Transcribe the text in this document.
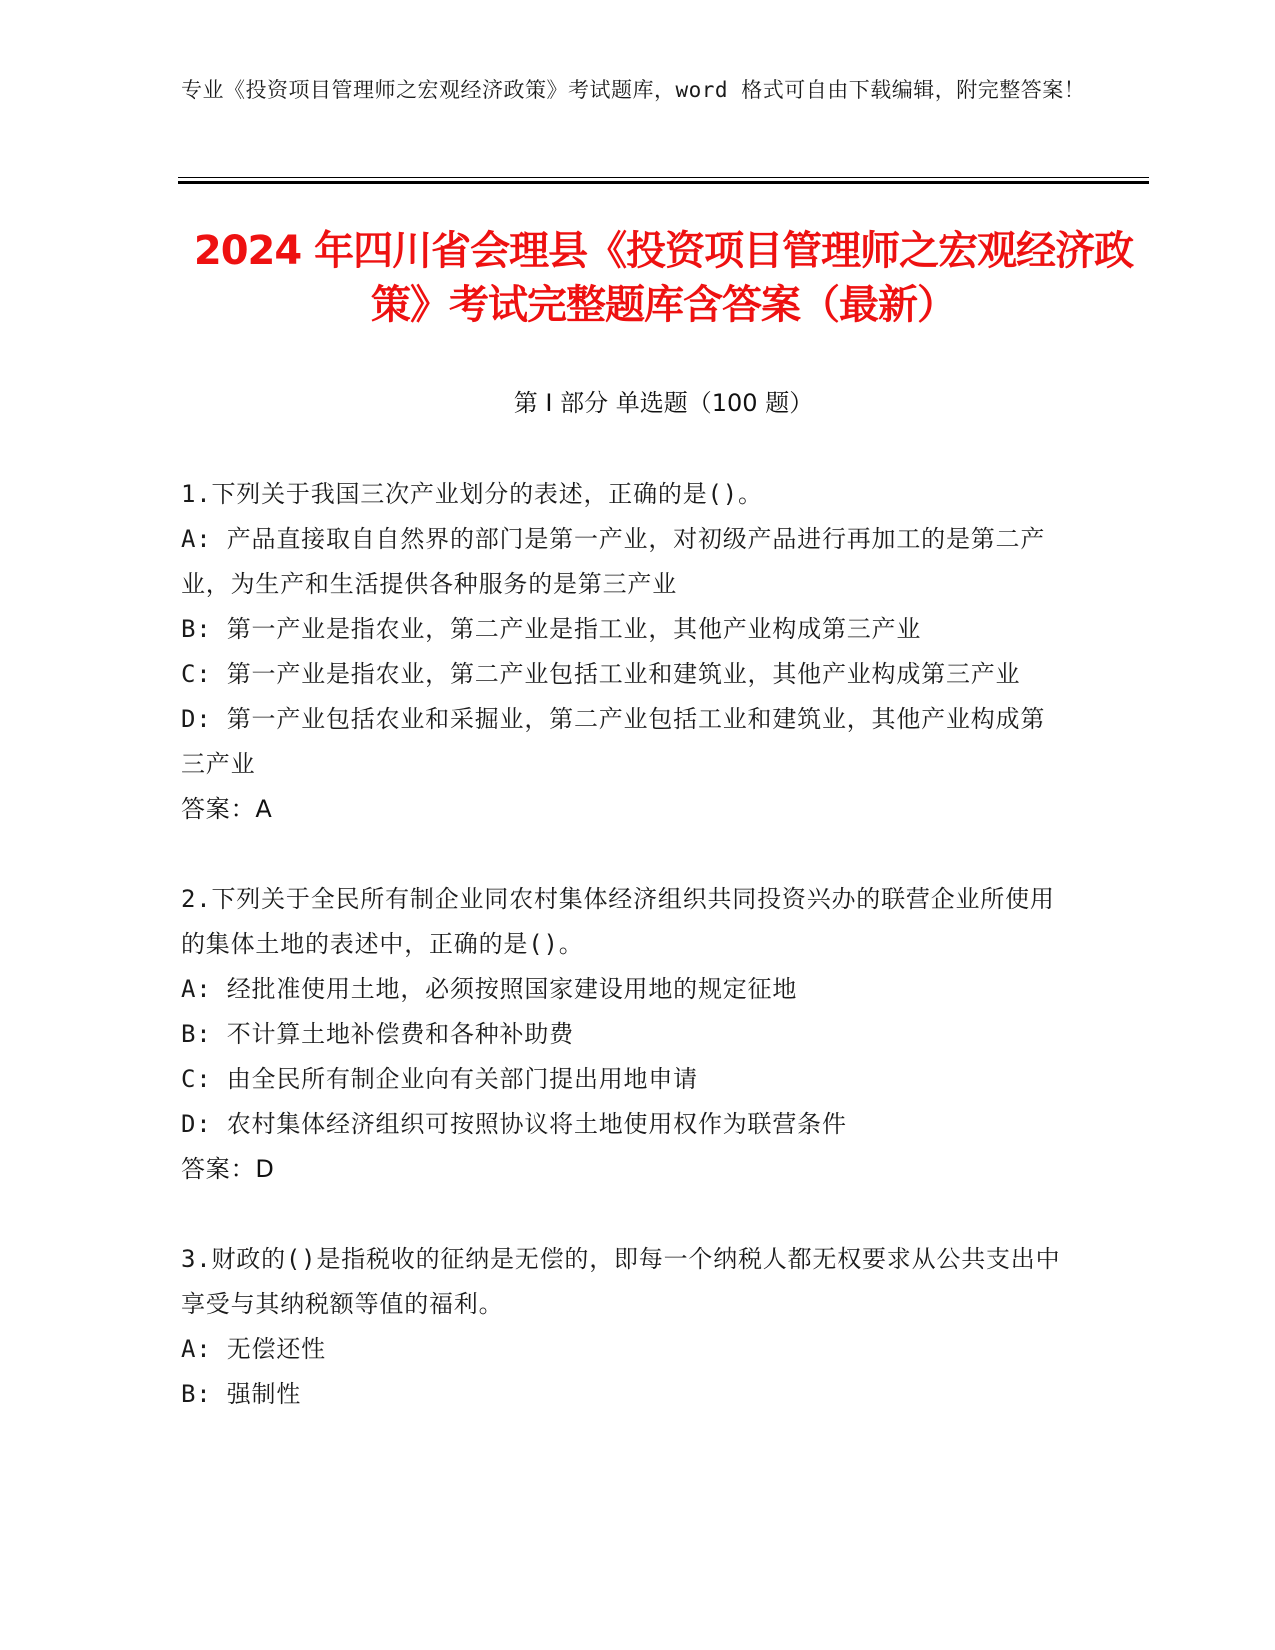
专业《投资项目管理师之宏观经济政策》考试题库，word 格式可自由下载编辑，附完整答案！
2024 年四川省会理县《投资项目管理师之宏观经济政策》考试完整题库含答案（最新）
第 I 部分 单选题（100 题）

1.下列关于我国三次产业划分的表述，正确的是()。

A: 产品直接取自自然界的部门是第一产业，对初级产品进行再加工的是第二产业，为生产和生活提供各种服务的是第三产业

B: 第一产业是指农业，第二产业是指工业，其他产业构成第三产业

C: 第一产业是指农业，第二产业包括工业和建筑业，其他产业构成第三产业

D: 第一产业包括农业和采掘业，第二产业包括工业和建筑业，其他产业构成第三产业

答案：A

2.下列关于全民所有制企业同农村集体经济组织共同投资兴办的联营企业所使用的集体土地的表述中，正确的是()。

A: 经批准使用土地，必须按照国家建设用地的规定征地

B: 不计算土地补偿费和各种补助费

C: 由全民所有制企业向有关部门提出用地申请

D: 农村集体经济组织可按照协议将土地使用权作为联营条件

答案：D

3.财政的()是指税收的征纳是无偿的，即每一个纳税人都无权要求从公共支出中享受与其纳税额等值的福利。

A: 无偿还性

B: 强制性
